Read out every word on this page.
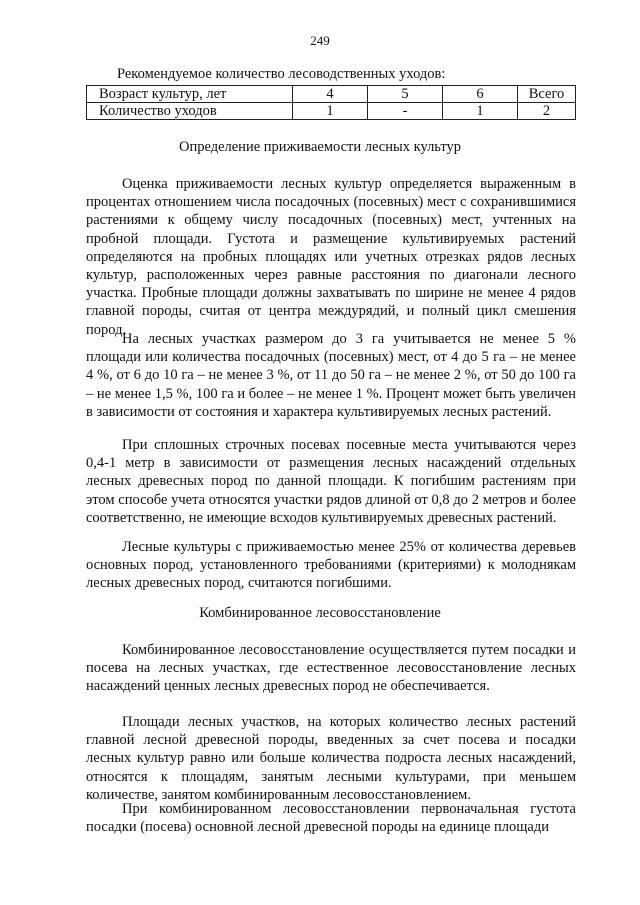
249
Рекомендуемое количество лесоводственных уходов:
Возраст культур, лет	4	5	6	Всего
Количество уходов	1	-	1	2
Определение приживаемости лесных культур

Оценка приживаемости лесных культур определяется выраженным в процентах отношением числа посадочных (посевных) мест с сохранившимися растениями к общему числу посадочных (посевных) мест, учтенных на пробной площади. Густота и размещение культивируемых растений определяются на пробных площадях или учетных отрезках рядов лесных культур, расположенных через равные расстояния по диагонали лесного участка. Пробные площади должны захватывать по ширине не менее 4 рядов главной породы, считая от центра междурядий, и полный цикл смешения пород.

На лесных участках размером до 3 га учитывается не менее 5 % площади или количества посадочных (посевных) мест, от 4 до 5 га – не менее 4 %, от 6 до 10 га – не менее 3 %, от 11 до 50 га – не менее 2 %, от 50 до 100 га – не менее 1,5 %, 100 га и более – не менее 1 %. Процент может быть увеличен в зависимости от состояния и характера культивируемых лесных растений.

При сплошных строчных посевах посевные места учитываются через 0,4-1 метр в зависимости от размещения лесных насаждений отдельных лесных древесных пород по данной площади. К погибшим растениям при этом способе учета относятся участки рядов длиной от 0,8 до 2 метров и более соответственно, не имеющие всходов культивируемых древесных растений.

Лесные культуры с приживаемостью менее 25% от количества деревьев основных пород, установленного требованиями (критериями) к молоднякам лесных древесных пород, считаются погибшими.

Комбинированное лесовосстановление

Комбинированное лесовосстановление осуществляется путем посадки и посева на лесных участках, где естественное лесовосстановление лесных насаждений ценных лесных древесных пород не обеспечивается.

Площади лесных участков, на которых количество лесных растений главной лесной древесной породы, введенных за счет посева и посадки лесных культур равно или больше количества подроста лесных насаждений, относятся к площадям, занятым лесными культурами, при меньшем количестве, занятом комбинированным лесовосстановлением.

При комбинированном лесовосстановлении первоначальная густота посадки (посева) основной лесной древесной породы на единице площади
